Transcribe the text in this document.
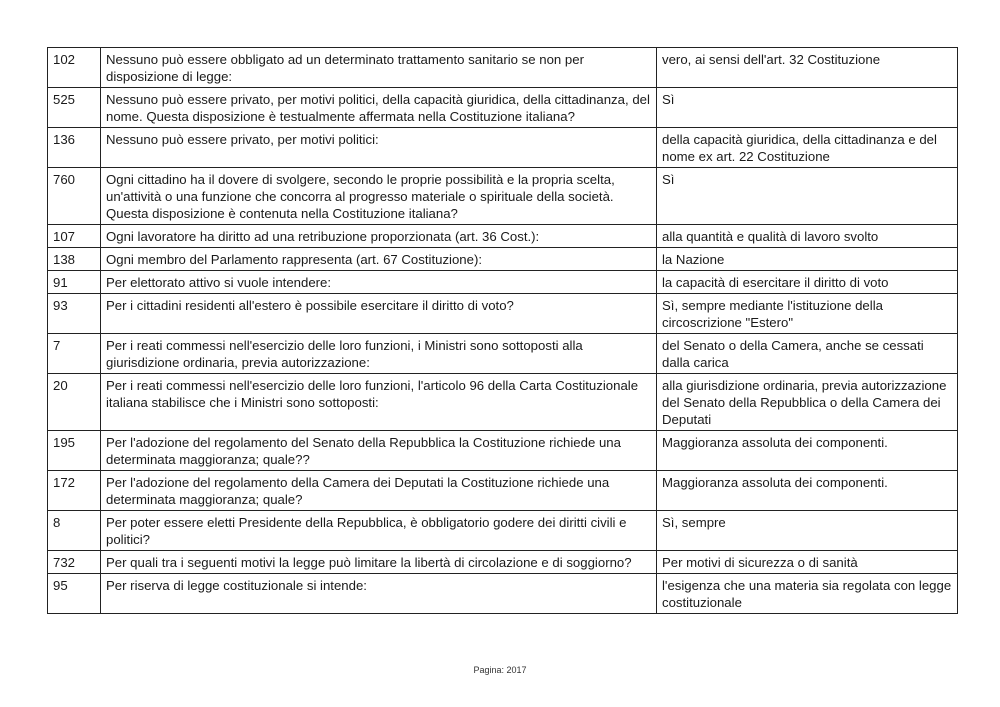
102	Nessuno può essere obbligato ad un determinato trattamento sanitario se non per disposizione di legge:	vero, ai sensi dell'art. 32 Costituzione
525	Nessuno può essere privato, per motivi politici, della capacità giuridica, della cittadinanza, del nome. Questa disposizione è testualmente affermata nella Costituzione italiana?	Sì
136	Nessuno può essere privato, per motivi politici:	della capacità giuridica, della cittadinanza e del nome ex art. 22 Costituzione
760	Ogni cittadino ha il dovere di svolgere, secondo le proprie possibilità e la propria scelta, un'attività o una funzione che concorra al progresso materiale o spirituale della società. Questa disposizione è contenuta nella Costituzione italiana?	Sì
107	Ogni lavoratore ha diritto ad una retribuzione proporzionata (art. 36 Cost.):	alla quantità e qualità di lavoro svolto
138	Ogni membro del Parlamento rappresenta (art. 67 Costituzione):	la Nazione
91	Per elettorato attivo si vuole intendere:	la capacità di esercitare il diritto di voto
93	Per i cittadini residenti all'estero è possibile esercitare il diritto di voto?	Sì, sempre mediante l'istituzione della circoscrizione "Estero"
7	Per i reati commessi nell'esercizio delle loro funzioni, i Ministri sono sottoposti alla giurisdizione ordinaria, previa autorizzazione:	del Senato o della Camera, anche se cessati dalla carica
20	Per i reati commessi nell'esercizio delle loro funzioni, l'articolo 96 della Carta Costituzionale italiana stabilisce che i Ministri sono sottoposti:	alla giurisdizione ordinaria, previa autorizzazione del Senato della Repubblica o della Camera dei Deputati
195	Per l'adozione del regolamento del Senato della Repubblica la Costituzione richiede una determinata maggioranza; quale??	Maggioranza assoluta dei componenti.
172	Per l'adozione del regolamento della Camera dei Deputati la Costituzione richiede una determinata maggioranza; quale?	Maggioranza assoluta dei componenti.
8	Per poter essere eletti Presidente della Repubblica, è obbligatorio godere dei diritti civili e politici?	Sì, sempre
732	Per quali tra i seguenti motivi la legge può limitare la libertà di circolazione e di soggiorno?	Per motivi di sicurezza o di sanità
95	Per riserva di legge costituzionale si intende:	l'esigenza che una materia sia regolata con legge costituzionale
Pagina: 2017
